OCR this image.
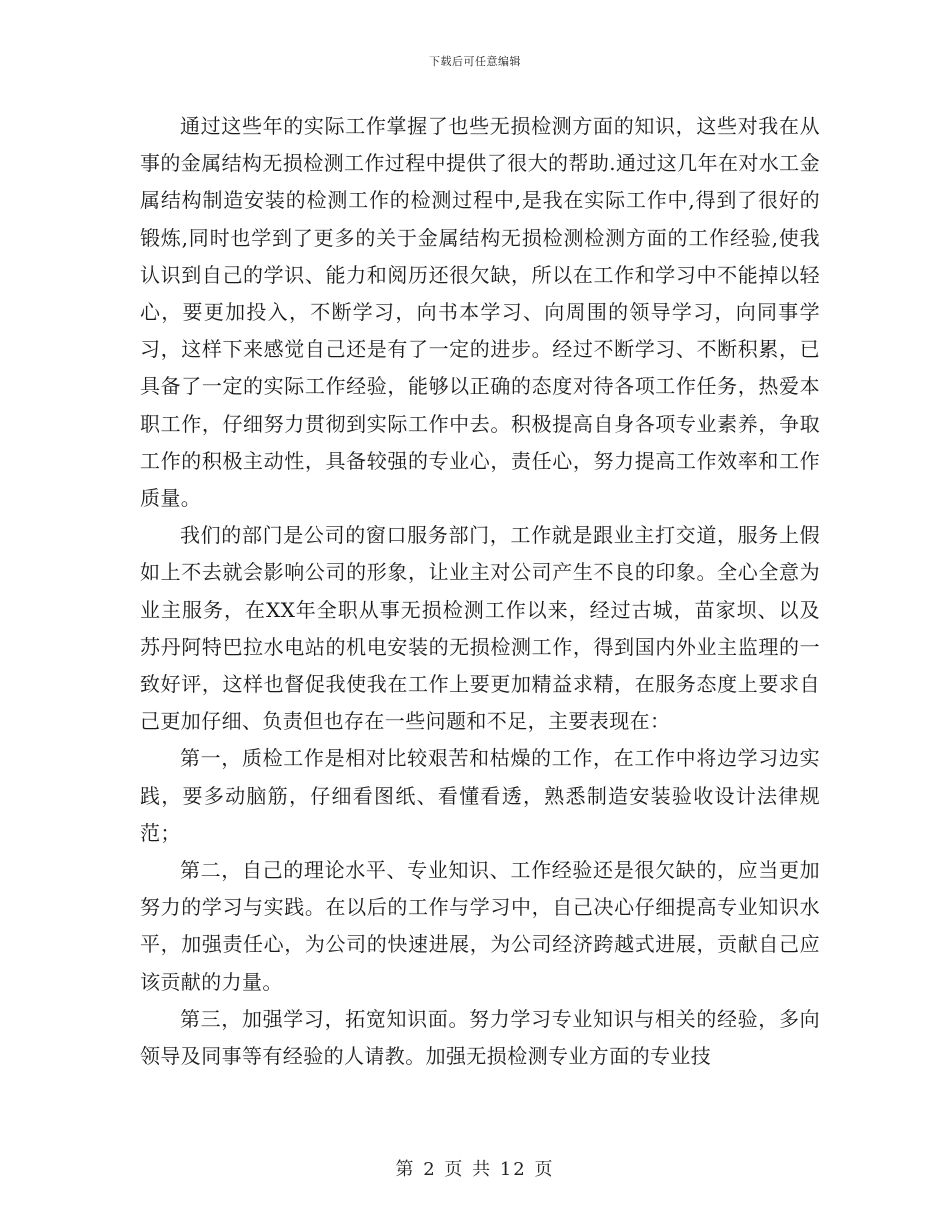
下载后可任意编辑

通过这些年的实际工作掌握了也些无损检测方面的知识，这些对我在从事的金属结构无损检测工作过程中提供了很大的帮助.通过这几年在对水工金属结构制造安装的检测工作的检测过程中,是我在实际工作中,得到了很好的锻炼,同时也学到了更多的关于金属结构无损检测检测方面的工作经验,使我认识到自己的学识、能力和阅历还很欠缺，所以在工作和学习中不能掉以轻心，要更加投入，不断学习，向书本学习、向周围的领导学习，向同事学习，这样下来感觉自己还是有了一定的进步。经过不断学习、不断积累，已具备了一定的实际工作经验，能够以正确的态度对待各项工作任务，热爱本职工作，仔细努力贯彻到实际工作中去。积极提高自身各项专业素养，争取工作的积极主动性，具备较强的专业心，责任心，努力提高工作效率和工作质量。

我们的部门是公司的窗口服务部门，工作就是跟业主打交道，服务上假如上不去就会影响公司的形象，让业主对公司产生不良的印象。全心全意为业主服务，在XX年全职从事无损检测工作以来，经过古城，苗家坝、以及苏丹阿特巴拉水电站的机电安装的无损检测工作，得到国内外业主监理的一致好评，这样也督促我使我在工作上要更加精益求精，在服务态度上要求自己更加仔细、负责但也存在一些问题和不足，主要表现在：

第一，质检工作是相对比较艰苦和枯燥的工作，在工作中将边学习边实践，要多动脑筋，仔细看图纸、看懂看透，熟悉制造安装验收设计法律规范；

第二，自己的理论水平、专业知识、工作经验还是很欠缺的，应当更加努力的学习与实践。在以后的工作与学习中，自己决心仔细提高专业知识水平，加强责任心，为公司的快速进展，为公司经济跨越式进展，贡献自己应该贡献的力量。

第三，加强学习，拓宽知识面。努力学习专业知识与相关的经验，多向领导及同事等有经验的人请教。加强无损检测专业方面的专业技

第 2 页 共 12 页
